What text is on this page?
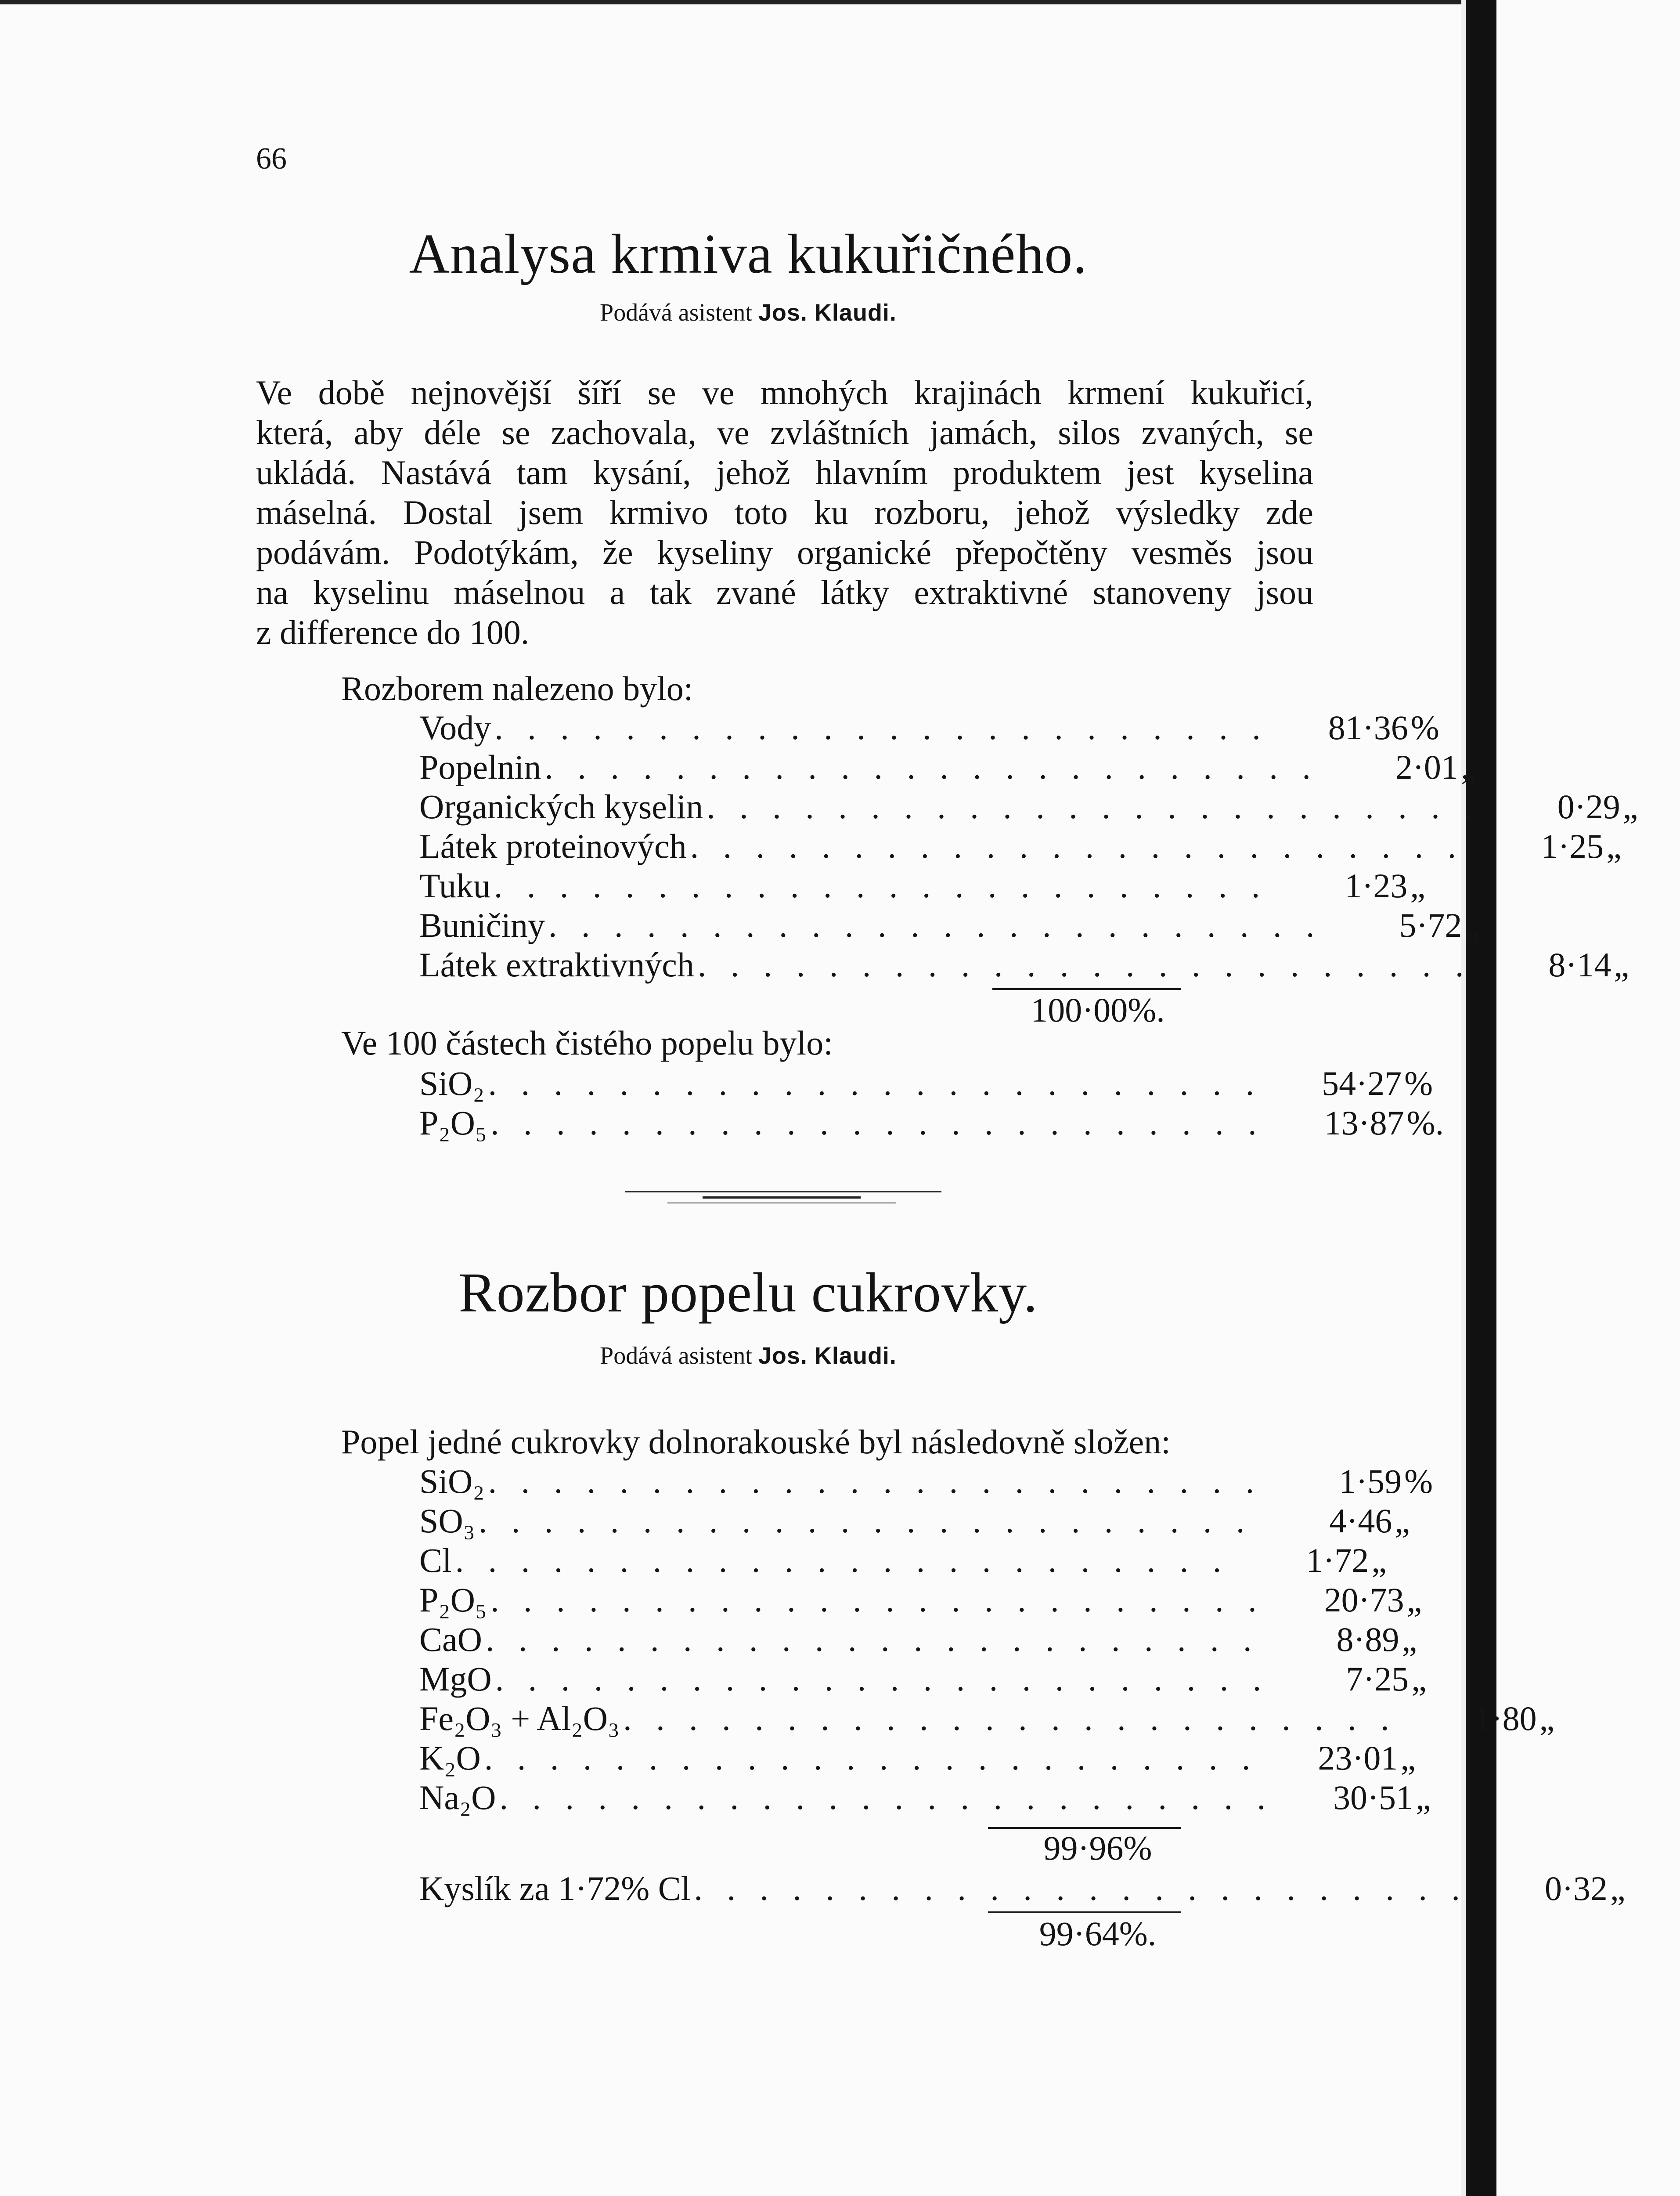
66
Analysa krmiva kukuřičného.
Podává asistent Jos. Klaudi.
Ve době nejnovější šíří se ve mnohých krajinách krmení kukuřicí,
která, aby déle se zachovala, ve zvláštních jamách, silos zvaných, se
ukládá. Nastává tam kysání, jehož hlavním produktem jest kyselina
máselná. Dostal jsem krmivo toto ku rozboru, jehož výsledky zde
podávám. Podotýkám, že kyseliny organické přepočtěny vesměs jsou
na kyselinu máselnou a tak zvané látky extraktivné stanoveny jsou
z difference do 100.
Rozborem nalezeno bylo:
Vody . . . . . . . . . . . . . . . . . . . . . . . .	81·36 %
Popelnin . . . . . . . . . . . . . . . . . . . . . . . .	2·01 „
Organických kyselin . . . . . . . . . . . . . . . . . . . . . . . .	0·29 „
Látek proteinových . . . . . . . . . . . . . . . . . . . . . . . .	1·25 „
Tuku . . . . . . . . . . . . . . . . . . . . . . . .	1·23 „
Buničiny . . . . . . . . . . . . . . . . . . . . . . . .	5·72 „
Látek extraktivných . . . . . . . . . . . . . . . . . . . . . . . .	8·14 „
100·00%.
Ve 100 částech čistého popelu bylo:
SiO₂ . . . . . . . . . . . . . . . . . . . . . . . .	54·27 %
P₂O₅ . . . . . . . . . . . . . . . . . . . . . . . .	13·87 %.
Rozbor popelu cukrovky.
Podává asistent Jos. Klaudi.
Popel jedné cukrovky dolnorakouské byl následovně složen:
SiO₂ . . . . . . . . . . . . . . . . . . . . . . . .	1·59 %
SO₃ . . . . . . . . . . . . . . . . . . . . . . . .	4·46 „
Cl . . . . . . . . . . . . . . . . . . . . . . . .	1·72 „
P₂O₅ . . . . . . . . . . . . . . . . . . . . . . . .	20·73 „
CaO . . . . . . . . . . . . . . . . . . . . . . . .	8·89 „
MgO . . . . . . . . . . . . . . . . . . . . . . . .	7·25 „
Fe₂O₃ + Al₂O₃ . . . . . . . . . . . . . . . . . . . . . . . .	1·80 „
K₂O . . . . . . . . . . . . . . . . . . . . . . . .	23·01 „
Na₂O . . . . . . . . . . . . . . . . . . . . . . . .	30·51 „
99·96%
Kyslík za 1·72% Cl . . . . . . . . . . . . . . . . . . . . . . . .	0·32 „
99·64%.
